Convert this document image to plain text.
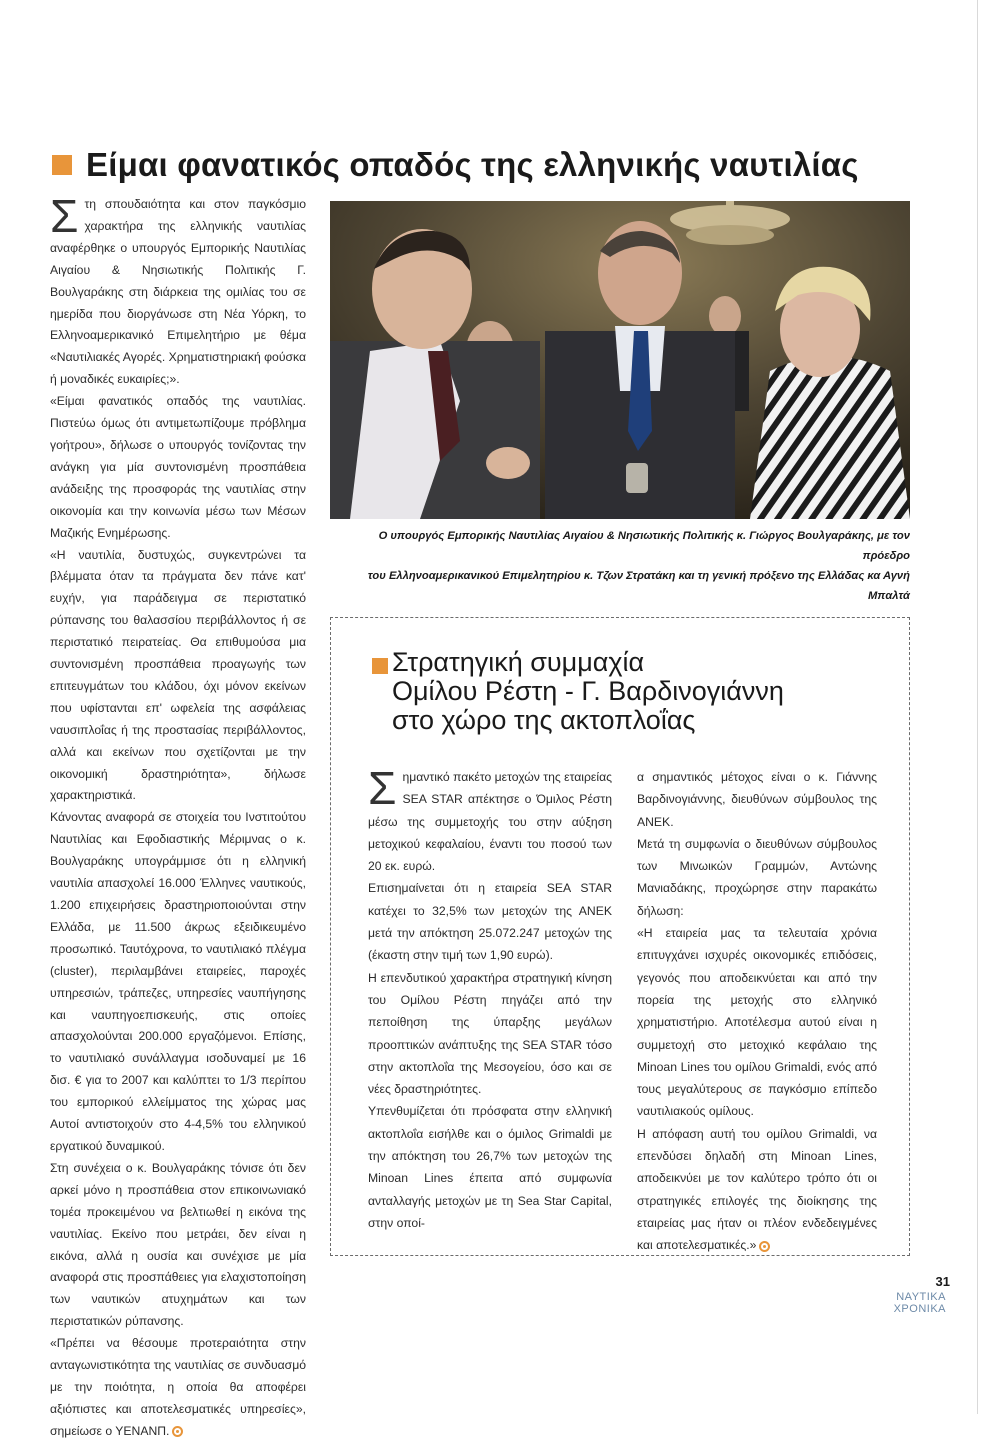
Είμαι φανατικός οπαδός της ελληνικής ναυτιλίας
Σ τη σπουδαιότητα και στον παγκόσμιο χαρακτήρα της ελληνικής ναυτιλίας αναφέρθηκε ο υπουργός Εμπορικής Ναυτιλίας Αιγαίου & Νησιωτικής Πολιτικής Γ. Βουλγαράκης στη διάρκεια της ομιλίας του σε ημερίδα που διοργάνωσε στη Νέα Υόρκη, το Ελληνοαμερικανικό Επιμελητήριο με θέμα «Ναυτιλιακές Αγορές. Χρηματιστηριακή φούσκα ή μοναδικές ευκαιρίες;».

«Είμαι φανατικός οπαδός της ναυτιλίας. Πιστεύω όμως ότι αντιμετωπίζουμε πρόβλημα γοήτρου», δήλωσε ο υπουργός τονίζοντας την ανάγκη για μία συντονισμένη προσπάθεια ανάδειξης της προσφοράς της ναυτιλίας στην οικονομία και την κοινωνία μέσω των Μέσων Μαζικής Ενημέρωσης.

«Η ναυτιλία, δυστυχώς, συγκεντρώνει τα βλέμματα όταν τα πράγματα δεν πάνε κατ' ευχήν, για παράδειγμα σε περιστατικό ρύπανσης του θαλασσίου περιβάλλοντος ή σε περιστατικό πειρατείας. Θα επιθυμούσα μια συντονισμένη προσπάθεια προαγωγής των επιτευγμάτων του κλάδου, όχι μόνον εκείνων που υφίστανται επ' ωφελεία της ασφάλειας ναυσιπλοΐας ή της προστασίας περιβάλλοντος, αλλά και εκείνων που σχετίζονται με την οικονομική δραστηριότητα», δήλωσε χαρακτηριστικά.

Κάνοντας αναφορά σε στοιχεία του Ινστιτούτου Ναυτιλίας και Εφοδιαστικής Μέριμνας ο κ. Βουλγαράκης υπογράμμισε ότι η ελληνική ναυτιλία απασχολεί 16.000 Έλληνες ναυτικούς, 1.200 επιχειρήσεις δραστηριοποιούνται στην Ελλάδα, με 11.500 άκρως εξειδικευμένο προσωπικό. Ταυτόχρονα, το ναυτιλιακό πλέγμα (cluster), περιλαμβάνει εταιρείες, παροχές υπηρεσιών, τράπεζες, υπηρεσίες ναυπήγησης και ναυπηγοεπισκευής, στις οποίες απασχολούνται 200.000 εργαζόμενοι. Επίσης, το ναυτιλιακό συνάλλαγμα ισοδυναμεί με 16 δισ. € για το 2007 και καλύπτει το 1/3 περίπου του εμπορικού ελλείμματος της χώρας μας Αυτοί αντιστοιχούν στο 4-4,5% του ελληνικού εργατικού δυναμικού.

Στη συνέχεια ο κ. Βουλγαράκης τόνισε ότι δεν αρκεί μόνο η προσπάθεια στον επικοινωνιακό τομέα προκειμένου να βελτιωθεί η εικόνα της ναυτιλίας. Εκείνο που μετράει, δεν είναι η εικόνα, αλλά η ουσία και συνέχισε με μία αναφορά στις προσπάθειες για ελαχιστοποίηση των ναυτικών ατυχημάτων και των περιστατικών ρύπανσης.

«Πρέπει να θέσουμε προτεραιότητα στην ανταγωνιστικότητα της ναυτιλίας σε συνδυασμό με την ποιότητα, η οποία θα αποφέρει αξιόπιστες και αποτελεσματικές υπηρεσίες», σημείωσε ο ΥΕΝΑΝΠ.

Ο υπουργός Εμπορικής Ναυτιλίας Αιγαίου & Νησιωτικής Πολιτικής κ. Γιώργος Βουλγαράκης, με τον πρόεδρο
του Ελληνοαμερικανικού Επιμελητηρίου κ. Τζων Στρατάκη και τη γενική πρόξενο της Ελλάδας κα Αγνή Μπαλτά
Στρατηγική συμμαχία
Ομίλου Ρέστη - Γ. Βαρδινογιάννη
στο χώρο της ακτοπλοΐας
Σ ημαντικό πακέτο μετοχών της εταιρείας SEA STAR απέκτησε ο Όμιλος Ρέστη μέσω της συμμετοχής του στην αύξηση μετοχικού κεφαλαίου, έναντι του ποσού των 20 εκ. ευρώ.

Επισημαίνεται ότι η εταιρεία SEA STAR κατέχει το 32,5% των μετοχών της ΑΝΕΚ μετά την απόκτηση 25.072.247 μετοχών της (έκαστη στην τιμή των 1,90 ευρώ).

Η επενδυτικού χαρακτήρα στρατηγική κίνηση του Ομίλου Ρέστη πηγάζει από την πεποίθηση της ύπαρξης μεγάλων προοπτικών ανάπτυξης της SEA STAR τόσο στην ακτοπλοΐα της Μεσογείου, όσο και σε νέες δραστηριότητες.

Υπενθυμίζεται ότι πρόσφατα στην ελληνική ακτοπλοΐα εισήλθε και ο όμιλος Grimaldi με την απόκτηση του 26,7% των μετοχών της Minoan Lines έπειτα από συμφωνία ανταλλαγής μετοχών με τη Sea Star Capital, στην οποί-

α σημαντικός μέτοχος είναι ο κ. Γιάννης Βαρδινογιάννης, διευθύνων σύμβουλος της ΑΝΕΚ.

Μετά τη συμφωνία ο διευθύνων σύμβουλος των Μινωικών Γραμμών, Αντώνης Μανιαδάκης, προχώρησε στην παρακάτω δήλωση:

«Η εταιρεία μας τα τελευταία χρόνια επιτυγχάνει ισχυρές οικονομικές επιδόσεις, γεγονός που αποδεικνύεται και από την πορεία της μετοχής στο ελληνικό χρηματιστήριο. Αποτέλεσμα αυτού είναι η συμμετοχή στο μετοχικό κεφάλαιο της Minoan Lines του ομίλου Grimaldi, ενός από τους μεγαλύτερους σε παγκόσμιο επίπεδο ναυτιλιακούς ομίλους.

Η απόφαση αυτή του ομίλου Grimaldi, να επενδύσει δηλαδή στη Minoan Lines, αποδεικνύει με τον καλύτερο τρόπο ότι οι στρατηγικές επιλογές της διοίκησης της εταιρείας μας ήταν οι πλέον ενδεδειγμένες και αποτελεσματικές.»

31
ΝΑΥΤΙΚΑ
ΧΡΟΝΙΚΑ
